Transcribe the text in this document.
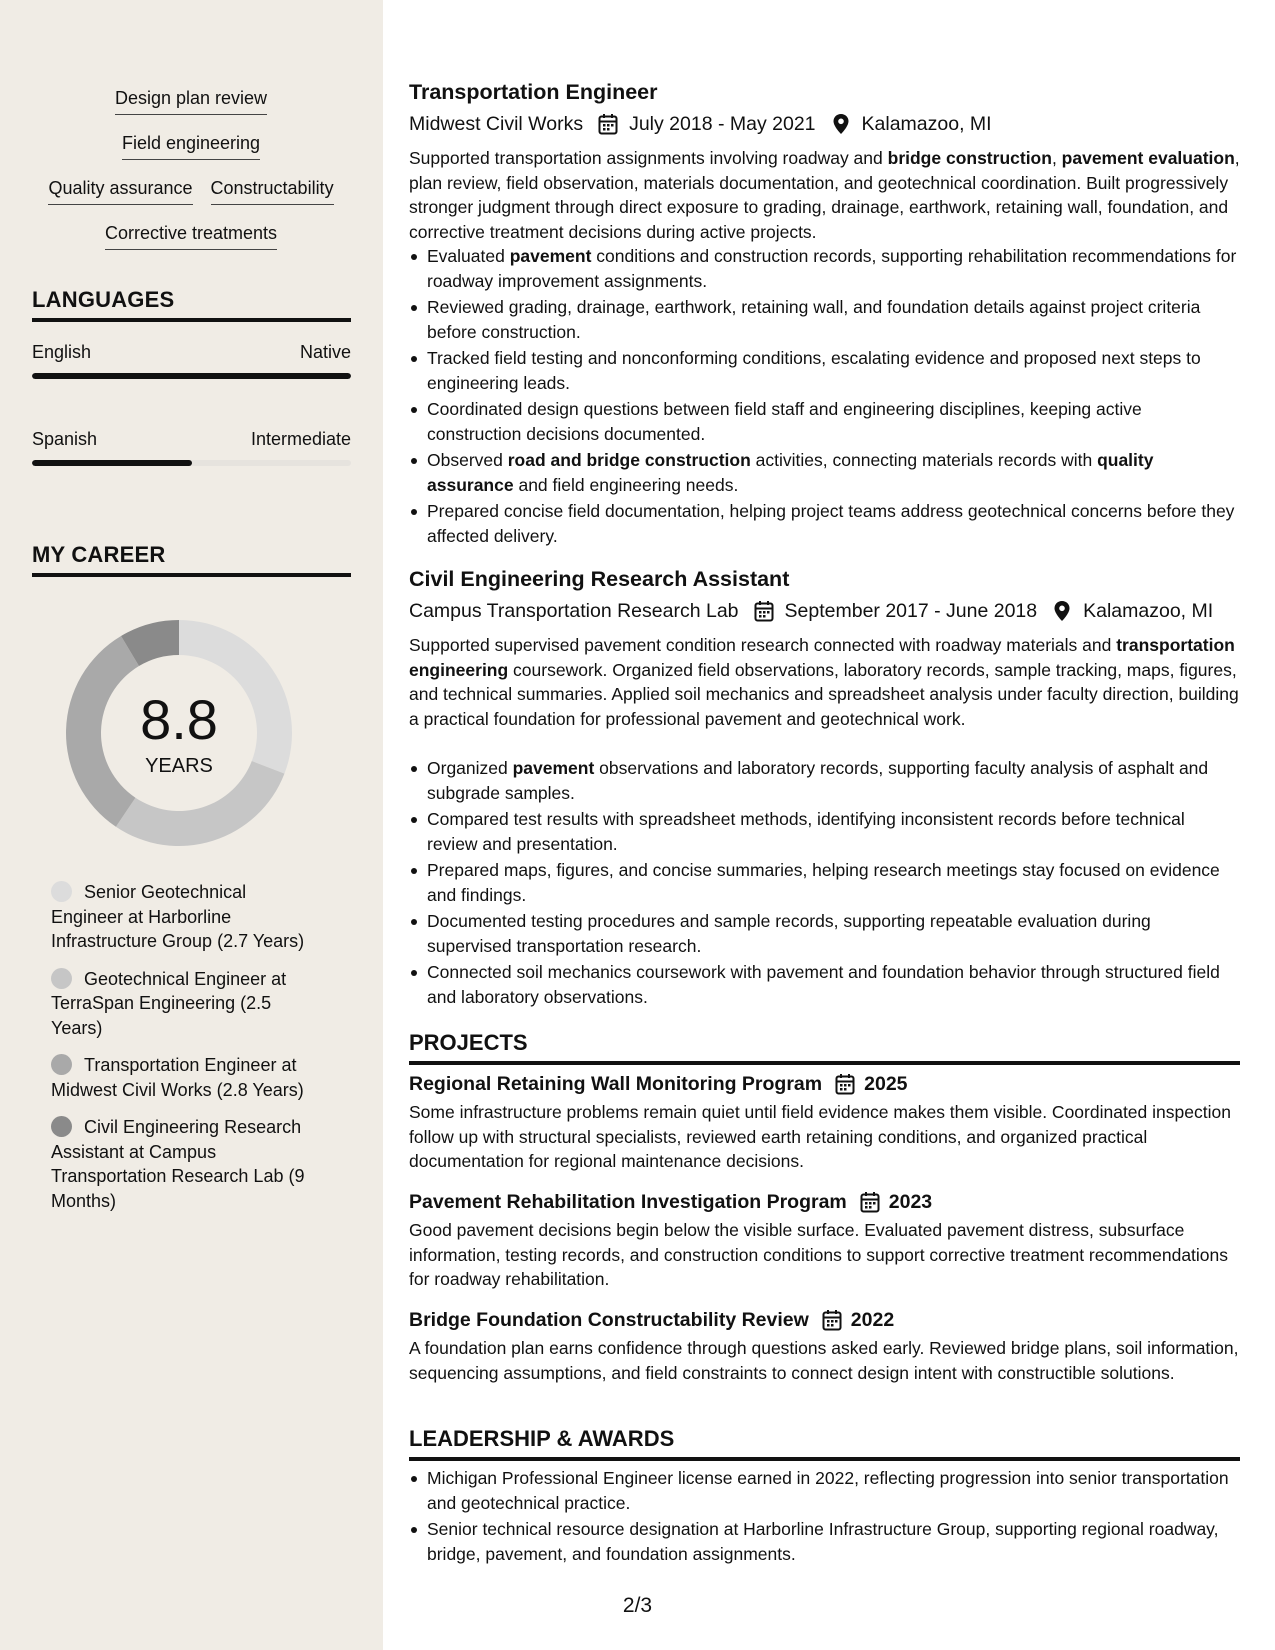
Design plan review
Field engineering
Quality assurance Constructability
Corrective treatments
LANGUAGES
English	Native
Spanish	Intermediate
MY CAREER
8.8
YEARS
Senior Geotechnical Engineer at Harborline Infrastructure Group (2.7 Years)
Geotechnical Engineer at TerraSpan Engineering (2.5 Years)
Transportation Engineer at Midwest Civil Works (2.8 Years)
Civil Engineering Research Assistant at Campus Transportation Research Lab (9 Months)
Transportation Engineer
Midwest Civil Works July 2018 - May 2021 Kalamazoo, MI
Supported transportation assignments involving roadway and bridge construction, pavement evaluation, plan review, field observation, materials documentation, and geotechnical coordination. Built progressively stronger judgment through direct exposure to grading, drainage, earthwork, retaining wall, foundation, and corrective treatment decisions during active projects.
Evaluated pavement conditions and construction records, supporting rehabilitation recommendations for roadway improvement assignments.
Reviewed grading, drainage, earthwork, retaining wall, and foundation details against project criteria before construction.
Tracked field testing and nonconforming conditions, escalating evidence and proposed next steps to engineering leads.
Coordinated design questions between field staff and engineering disciplines, keeping active construction decisions documented.
Observed road and bridge construction activities, connecting materials records with quality assurance and field engineering needs.
Prepared concise field documentation, helping project teams address geotechnical concerns before they affected delivery.
Civil Engineering Research Assistant
Campus Transportation Research Lab September 2017 - June 2018 Kalamazoo, MI
Supported supervised pavement condition research connected with roadway materials and transportation engineering coursework. Organized field observations, laboratory records, sample tracking, maps, figures, and technical summaries. Applied soil mechanics and spreadsheet analysis under faculty direction, building a practical foundation for professional pavement and geotechnical work.
Organized pavement observations and laboratory records, supporting faculty analysis of asphalt and subgrade samples.
Compared test results with spreadsheet methods, identifying inconsistent records before technical review and presentation.
Prepared maps, figures, and concise summaries, helping research meetings stay focused on evidence and findings.
Documented testing procedures and sample records, supporting repeatable evaluation during supervised transportation research.
Connected soil mechanics coursework with pavement and foundation behavior through structured field and laboratory observations.
PROJECTS
Regional Retaining Wall Monitoring Program 2025
Some infrastructure problems remain quiet until field evidence makes them visible. Coordinated inspection follow up with structural specialists, reviewed earth retaining conditions, and organized practical documentation for regional maintenance decisions.
Pavement Rehabilitation Investigation Program 2023
Good pavement decisions begin below the visible surface. Evaluated pavement distress, subsurface information, testing records, and construction conditions to support corrective treatment recommendations for roadway rehabilitation.
Bridge Foundation Constructability Review 2022
A foundation plan earns confidence through questions asked early. Reviewed bridge plans, soil information, sequencing assumptions, and field constraints to connect design intent with constructible solutions.
LEADERSHIP & AWARDS
Michigan Professional Engineer license earned in 2022, reflecting progression into senior transportation and geotechnical practice.
Senior technical resource designation at Harborline Infrastructure Group, supporting regional roadway, bridge, pavement, and foundation assignments.
2/3
